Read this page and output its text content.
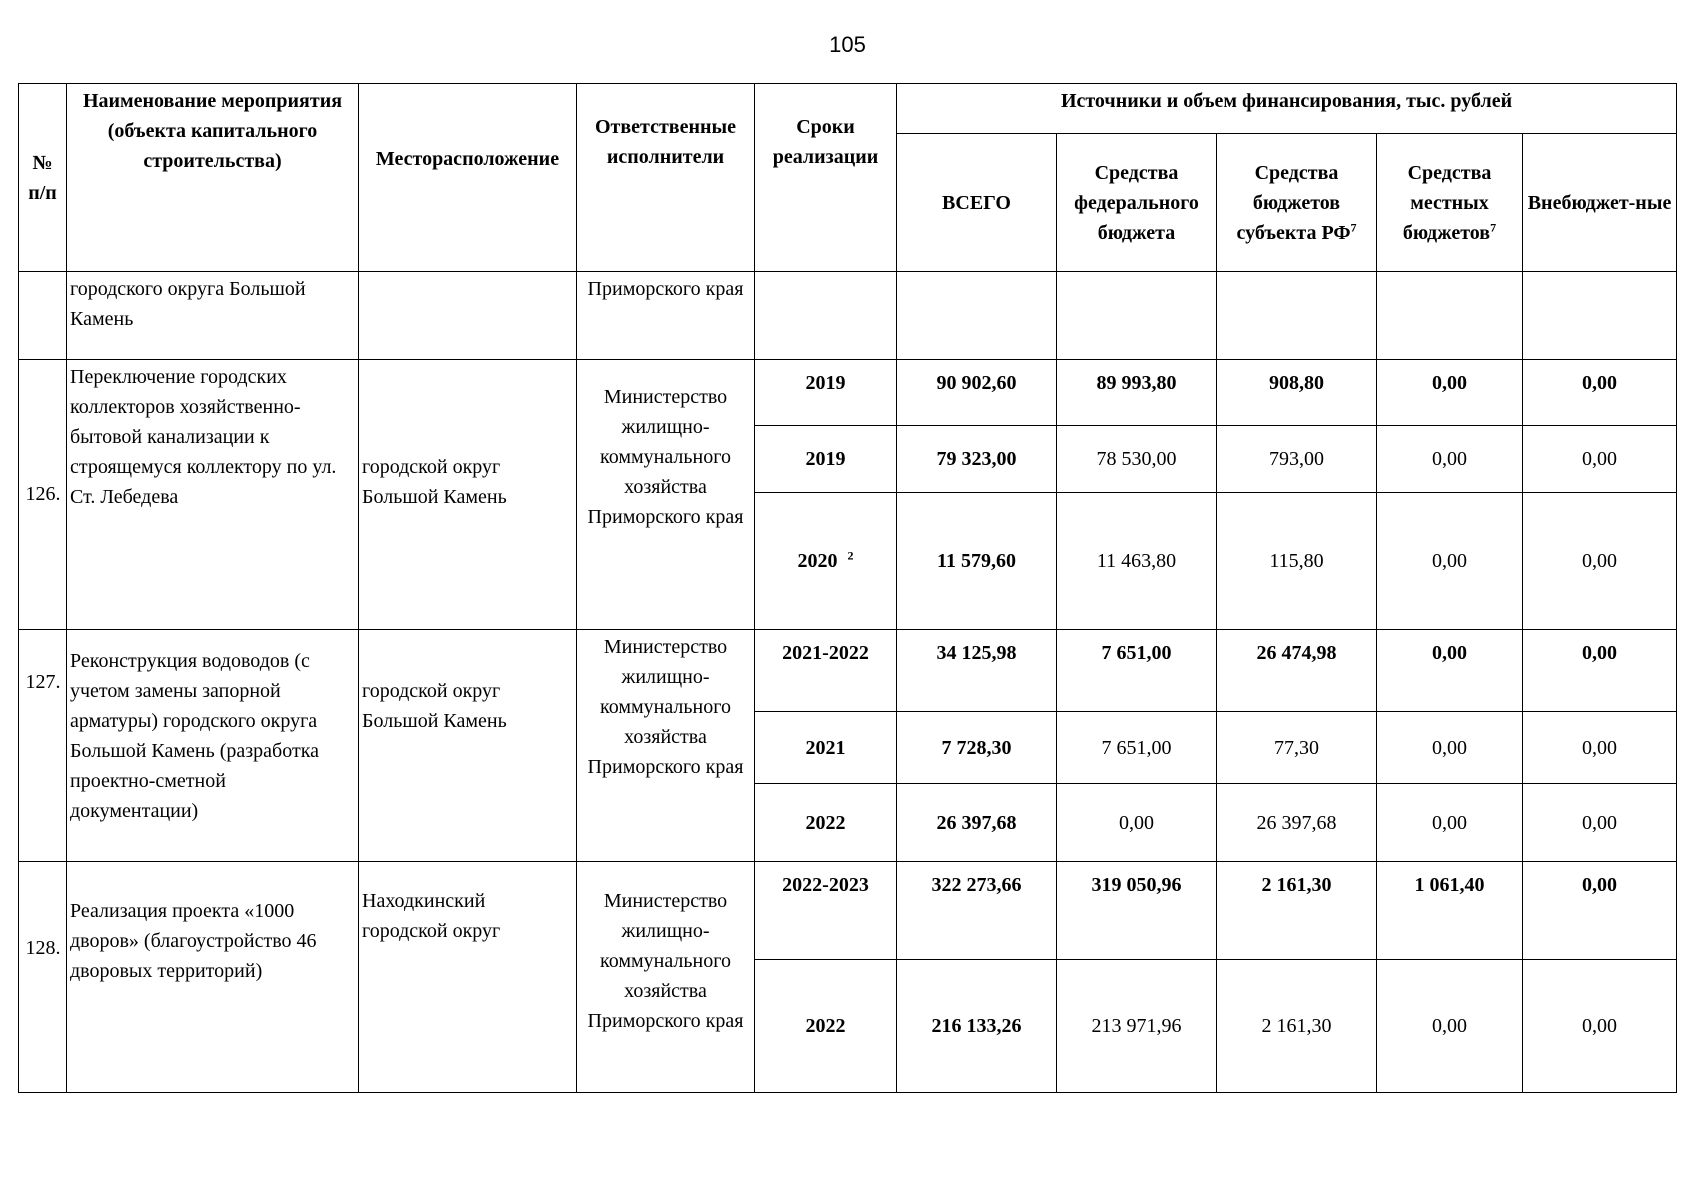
105
№ п/п	Наименование мероприятия (объекта капитального строительства)	Месторасположение	Ответственные исполнители	Сроки реализации	Источники и объем финансирования, тыс. рублей				
					ВСЕГО	Средства федерального бюджета	Средства бюджетов субъекта $РФ^7$	Средства местных бюджетов$^7$	Внебюджет-ные
	городского округа Большой Камень		Приморского края						
126.	Переключение городских коллекторов хозяйственно-бытовой канализации к строящемуся коллектору по ул. Ст. Лебедева	городской округ Большой Камень	Министерство жилищно-коммунального хозяйства Приморского края	2019	90 902,60	89 993,80	908,80	0,00	0,00
				2019	79 323,00	78 530,00	793,00	0,00	0,00
				2020 $^2$	11 579,60	11 463,80	115,80	0,00	0,00
127.	Реконструкция водоводов (с учетом замены запорной арматуры) городского округа Большой Камень (разработка проектно-сметной документации)	городской округ Большой Камень	Министерство жилищно-коммунального хозяйства Приморского края	2021-2022	34 125,98	7 651,00	26 474,98	0,00	0,00
				2021	7 728,30	7 651,00	77,30	0,00	0,00
				2022	26 397,68	0,00	26 397,68	0,00	0,00
128.	Реализация проекта «1000 дворов» (благоустройство 46 дворовых территорий)	Находкинский городской округ	Министерство жилищно-коммунального хозяйства Приморского края	2022-2023	322 273,66	319 050,96	2 161,30	1 061,40	0,00
				2022	216 133,26	213 971,96	2 161,30	0,00	0,00
